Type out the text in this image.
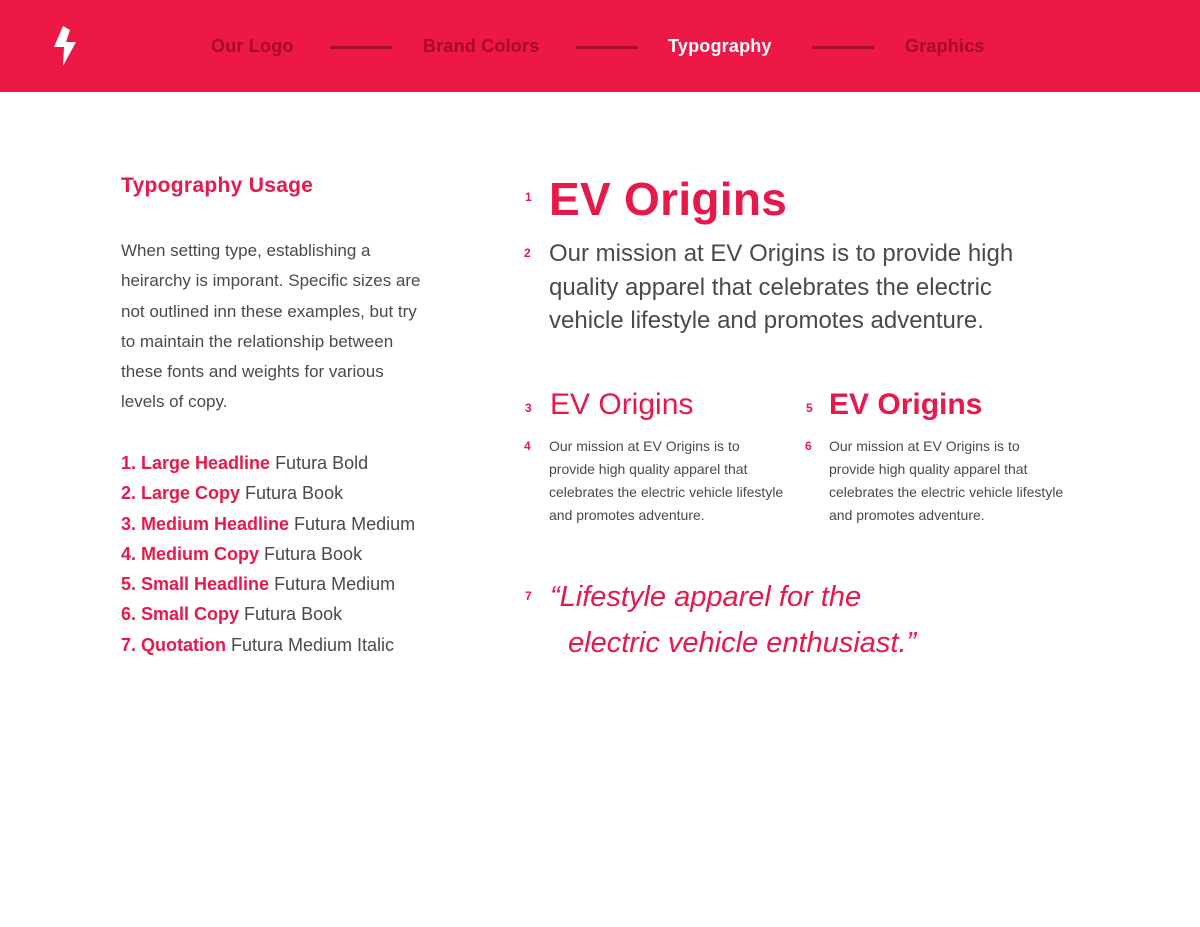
Our Logo	Brand Colors	Typography	Graphics
Typography Usage
When setting type, establishing a heirarchy is imporant. Specific sizes are not outlined inn these examples, but try to maintain the relationship between these fonts and weights for various levels of copy.
1. Large Headline Futura Bold
2. Large Copy Futura Book
3. Medium Headline Futura Medium
4. Medium Copy Futura Book
5. Small Headline Futura Medium
6. Small Copy Futura Book
7. Quotation Futura Medium Italic
1 EV Origins
2 Our mission at EV Origins is to provide high quality apparel that celebrates the electric vehicle lifestyle and promotes adventure.
3 EV Origins
4 Our mission at EV Origins is to provide high quality apparel that celebrates the electric vehicle lifestyle and promotes adventure.
5 EV Origins
6 Our mission at EV Origins is to provide high quality apparel that celebrates the electric vehicle lifestyle and promotes adventure.
7 “Lifestyle apparel for the
electric vehicle enthusiast.”
